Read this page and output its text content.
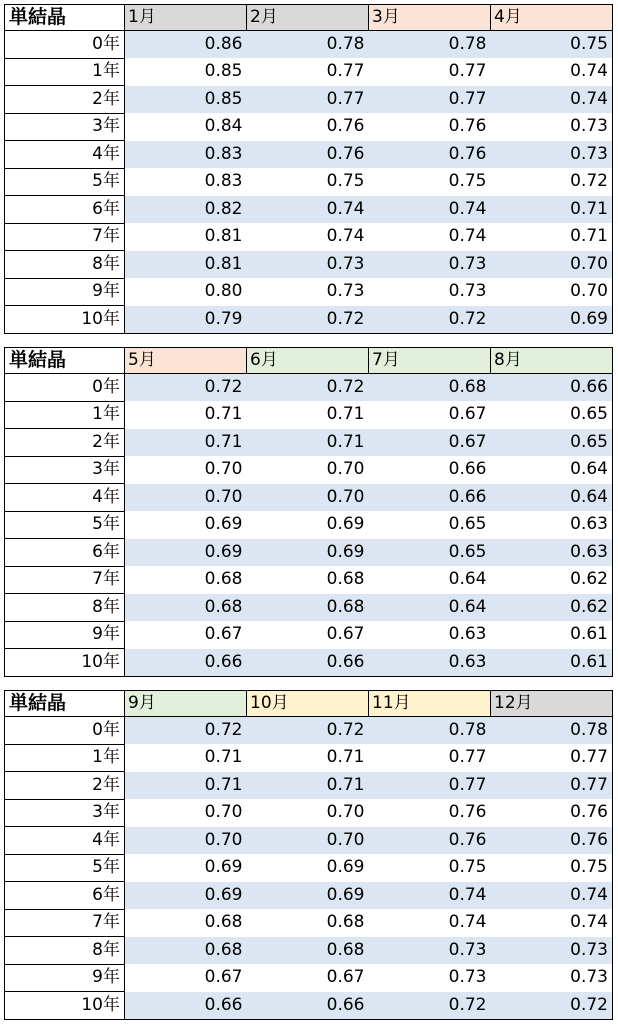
単結晶	1月	2月	3月	4月
0年	0.86	0.78	0.78	0.75
1年	0.85	0.77	0.77	0.74
2年	0.85	0.77	0.77	0.74
3年	0.84	0.76	0.76	0.73
4年	0.83	0.76	0.76	0.73
5年	0.83	0.75	0.75	0.72
6年	0.82	0.74	0.74	0.71
7年	0.81	0.74	0.74	0.71
8年	0.81	0.73	0.73	0.70
9年	0.80	0.73	0.73	0.70
10年	0.79	0.72	0.72	0.69
単結晶	5月	6月	7月	8月
0年	0.72	0.72	0.68	0.66
1年	0.71	0.71	0.67	0.65
2年	0.71	0.71	0.67	0.65
3年	0.70	0.70	0.66	0.64
4年	0.70	0.70	0.66	0.64
5年	0.69	0.69	0.65	0.63
6年	0.69	0.69	0.65	0.63
7年	0.68	0.68	0.64	0.62
8年	0.68	0.68	0.64	0.62
9年	0.67	0.67	0.63	0.61
10年	0.66	0.66	0.63	0.61
単結晶	9月	10月	11月	12月
0年	0.72	0.72	0.78	0.78
1年	0.71	0.71	0.77	0.77
2年	0.71	0.71	0.77	0.77
3年	0.70	0.70	0.76	0.76
4年	0.70	0.70	0.76	0.76
5年	0.69	0.69	0.75	0.75
6年	0.69	0.69	0.74	0.74
7年	0.68	0.68	0.74	0.74
8年	0.68	0.68	0.73	0.73
9年	0.67	0.67	0.73	0.73
10年	0.66	0.66	0.72	0.72
